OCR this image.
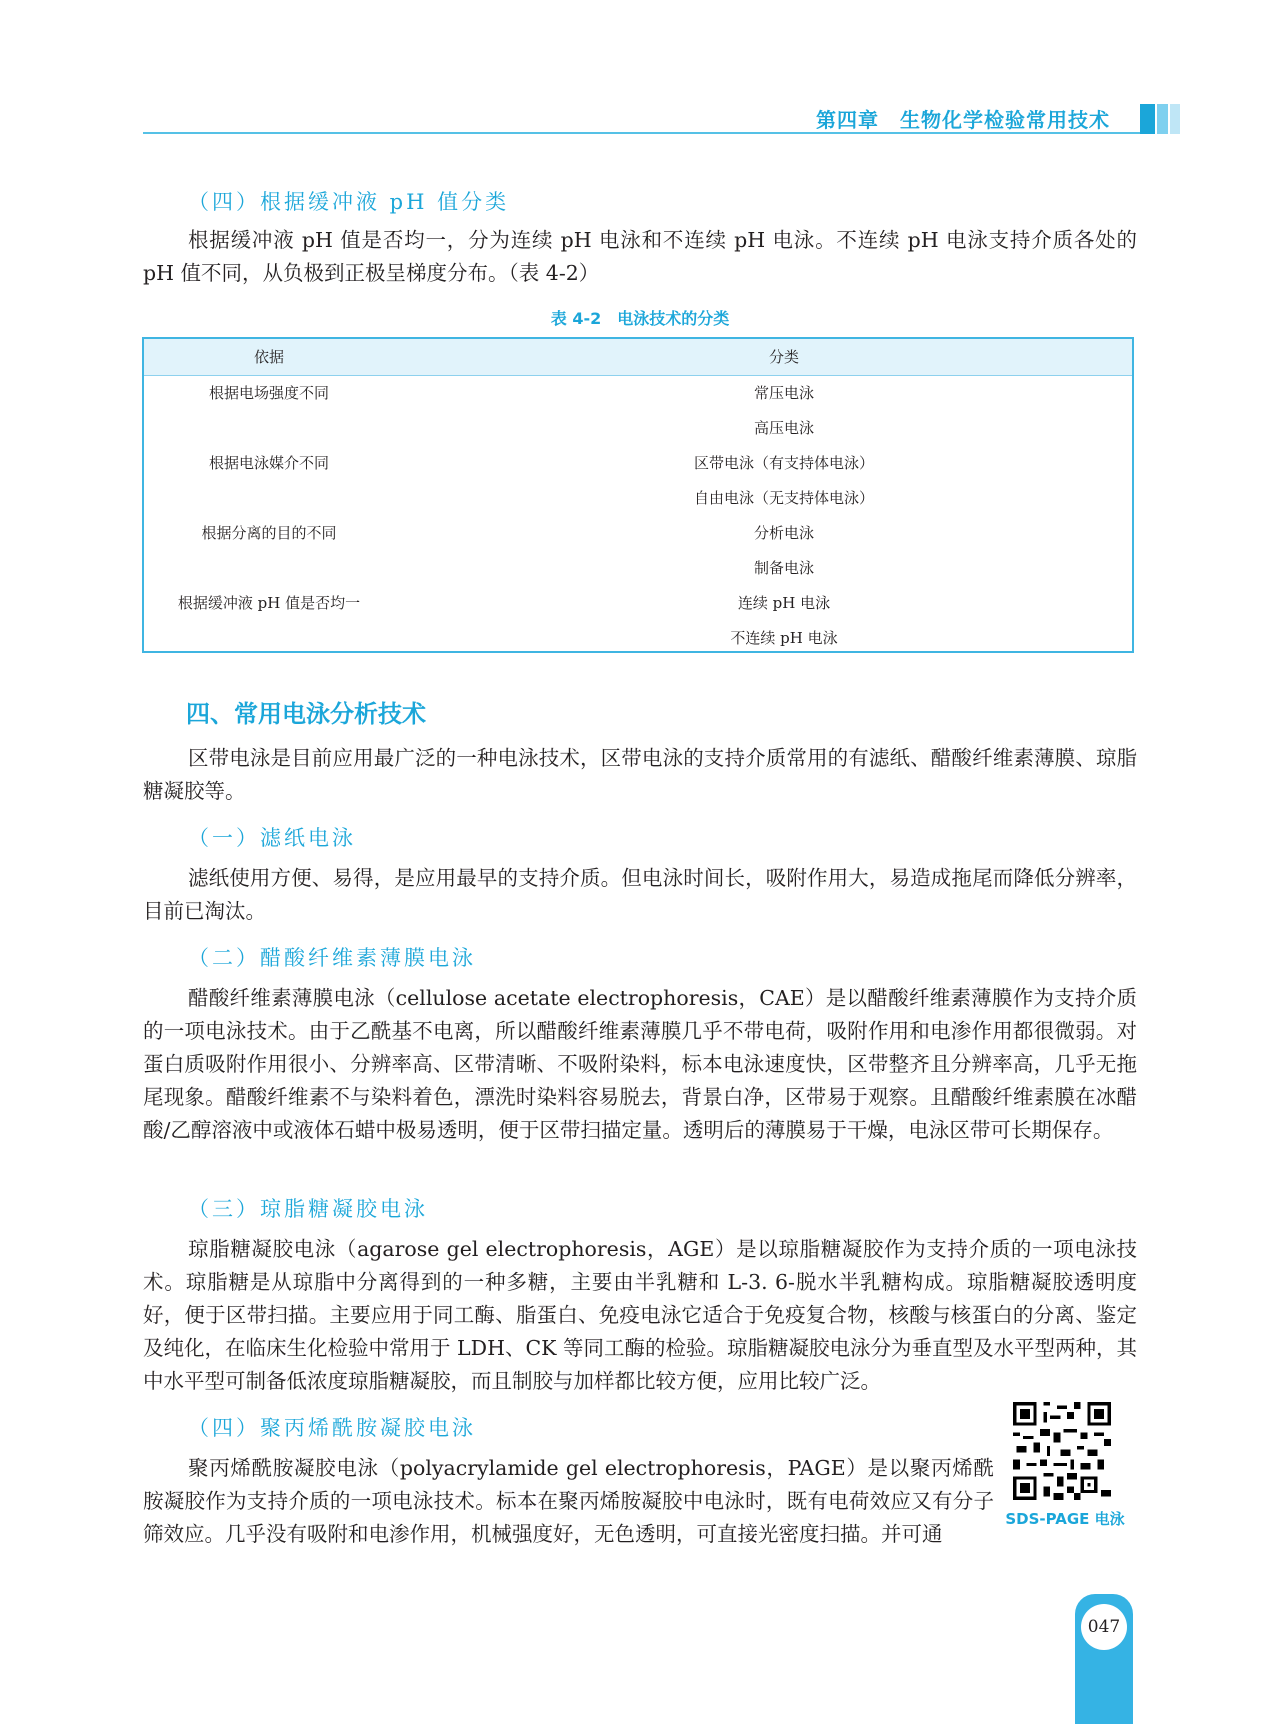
第四章　生物化学检验常用技术
（四）根据缓冲液 pH 值分类
根据缓冲液 pH 值是否均一，分为连续 pH 电泳和不连续 pH 电泳。不连续 pH 电泳支持介质各处的 pH 值不同，从负极到正极呈梯度分布。（表 4-2）
表 4-2　电泳技术的分类
依据	分类
根据电场强度不同	常压电泳
高压电泳
根据电泳媒介不同	区带电泳（有支持体电泳）
自由电泳（无支持体电泳）
根据分离的目的不同	分析电泳
制备电泳
根据缓冲液 pH 值是否均一	连续 pH 电泳
不连续 pH 电泳
四、常用电泳分析技术
区带电泳是目前应用最广泛的一种电泳技术，区带电泳的支持介质常用的有滤纸、醋酸纤维素薄膜、琼脂糖凝胶等。
（一）滤纸电泳
滤纸使用方便、易得，是应用最早的支持介质。但电泳时间长，吸附作用大，易造成拖尾而降低分辨率，目前已淘汰。
（二）醋酸纤维素薄膜电泳
醋酸纤维素薄膜电泳（cellulose acetate electrophoresis，CAE）是以醋酸纤维素薄膜作为支持介质的一项电泳技术。由于乙酰基不电离，所以醋酸纤维素薄膜几乎不带电荷，吸附作用和电渗作用都很微弱。对蛋白质吸附作用很小、分辨率高、区带清晰、不吸附染料，标本电泳速度快，区带整齐且分辨率高，几乎无拖尾现象。醋酸纤维素不与染料着色，漂洗时染料容易脱去，背景白净，区带易于观察。且醋酸纤维素膜在冰醋酸/乙醇溶液中或液体石蜡中极易透明，便于区带扫描定量。透明后的薄膜易于干燥，电泳区带可长期保存。
（三）琼脂糖凝胶电泳
琼脂糖凝胶电泳（agarose gel electrophoresis，AGE）是以琼脂糖凝胶作为支持介质的一项电泳技术。琼脂糖是从琼脂中分离得到的一种多糖，主要由半乳糖和 L-3. 6-脱水半乳糖构成。琼脂糖凝胶透明度好，便于区带扫描。主要应用于同工酶、脂蛋白、免疫电泳它适合于免疫复合物，核酸与核蛋白的分离、鉴定及纯化，在临床生化检验中常用于 LDH、CK 等同工酶的检验。琼脂糖凝胶电泳分为垂直型及水平型两种，其中水平型可制备低浓度琼脂糖凝胶，而且制胶与加样都比较方便，应用比较广泛。
（四）聚丙烯酰胺凝胶电泳
聚丙烯酰胺凝胶电泳（polyacrylamide gel electrophoresis，PAGE）是以聚丙烯酰胺凝胶作为支持介质的一项电泳技术。标本在聚丙烯胺凝胶中电泳时，既有电荷效应又有分子筛效应。几乎没有吸附和电渗作用，机械强度好，无色透明，可直接光密度扫描。并可通
SDS-PAGE 电泳
047
